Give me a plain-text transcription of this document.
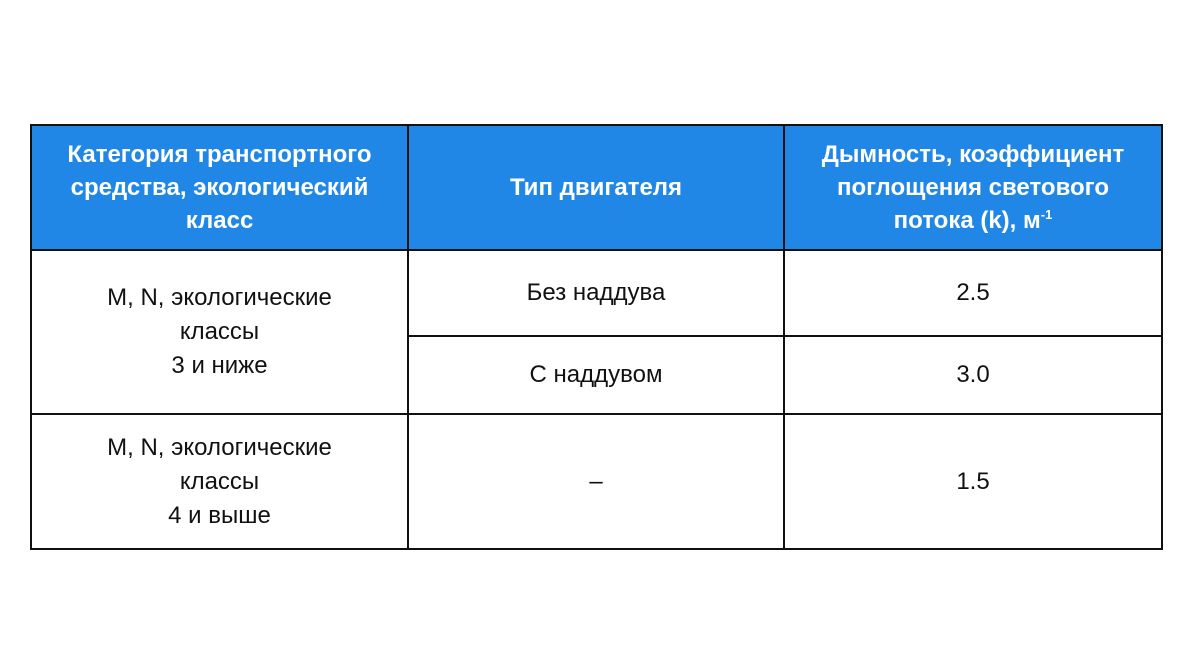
Категория транспортного
средства, экологический
класс	Тип двигателя	Дымность, коэффициент
поглощения светового
потока (k), $м^{-1}$

M, N, экологические
классы
3 и ниже	Без наддува	2.5
	С наддувом	3.0

M, N, экологические
классы
4 и выше	–	1.5
